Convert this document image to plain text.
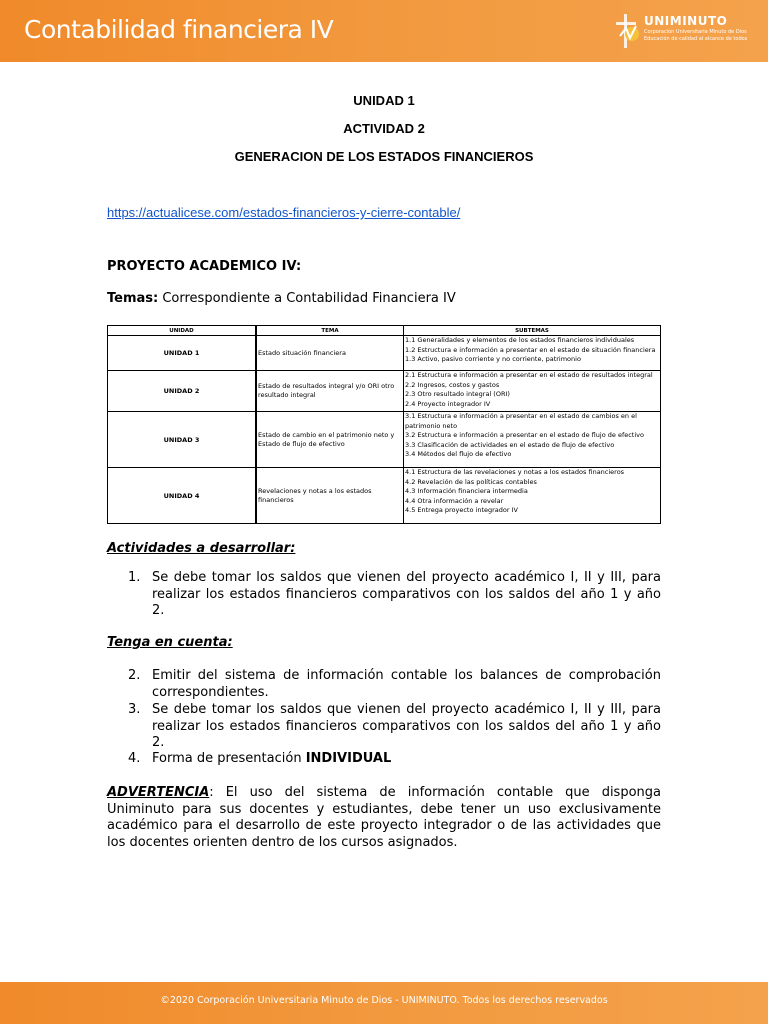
Contabilidad financiera IV	UNIMINUTO
Corporación Universitaria Minuto de Dios
Educación de calidad al alcance de todos
UNIDAD 1
ACTIVIDAD 2
GENERACION DE LOS ESTADOS FINANCIEROS
https://actualicese.com/estados-financieros-y-cierre-contable/
PROYECTO ACADEMICO IV:
Temas: Correspondiente a Contabilidad Financiera IV
UNIDAD	TEMA	SUBTEMAS
UNIDAD 1	Estado situación financiera	1.1 Generalidades y elementos de los estados financieros individuales
1.2 Estructura e información a presentar en el estado de situación financiera
1.3 Activo, pasivo corriente y no corriente, patrimonio

UNIDAD 2	Estado de resultados integral y/o ORI otro resultado integral	2.1 Estructura e información a presentar en el estado de resultados integral
2.2 Ingresos, costos y gastos
2.3 Otro resultado integral (ORI)
2.4 Proyecto integrador IV

UNIDAD 3	Estado de cambio en el patrimonio neto y Estado de flujo de efectivo	3.1 Estructura e información a presentar en el estado de cambios en el
patrimonio neto
3.2 Estructura e información a presentar en el estado de flujo de efectivo
3.3 Clasificación de actividades en el estado de flujo de efectivo
3.4 Métodos del flujo de efectivo

UNIDAD 4	Revelaciones y notas a los estados financieros	4.1 Estructura de las revelaciones y notas a los estados financieros
4.2 Revelación de las políticas contables
4.3 Información financiera intermedia
4.4 Otra información a revelar
4.5 Entrega proyecto integrador IV
Actividades a desarrollar:
1. Se debe tomar los saldos que vienen del proyecto académico I, II y III, para realizar los estados financieros comparativos con los saldos del año 1 y año 2.
Tenga en cuenta:
2. Emitir del sistema de información contable los balances de comprobación correspondientes.
3. Se debe tomar los saldos que vienen del proyecto académico I, II y III, para realizar los estados financieros comparativos con los saldos del año 1 y año 2.
4. Forma de presentación INDIVIDUAL
ADVERTENCIA: El uso del sistema de información contable que disponga Uniminuto para sus docentes y estudiantes, debe tener un uso exclusivamente académico para el desarrollo de este proyecto integrador o de las actividades que los docentes orienten dentro de los cursos asignados.
©2020 Corporación Universitaria Minuto de Dios - UNIMINUTO. Todos los derechos reservados
